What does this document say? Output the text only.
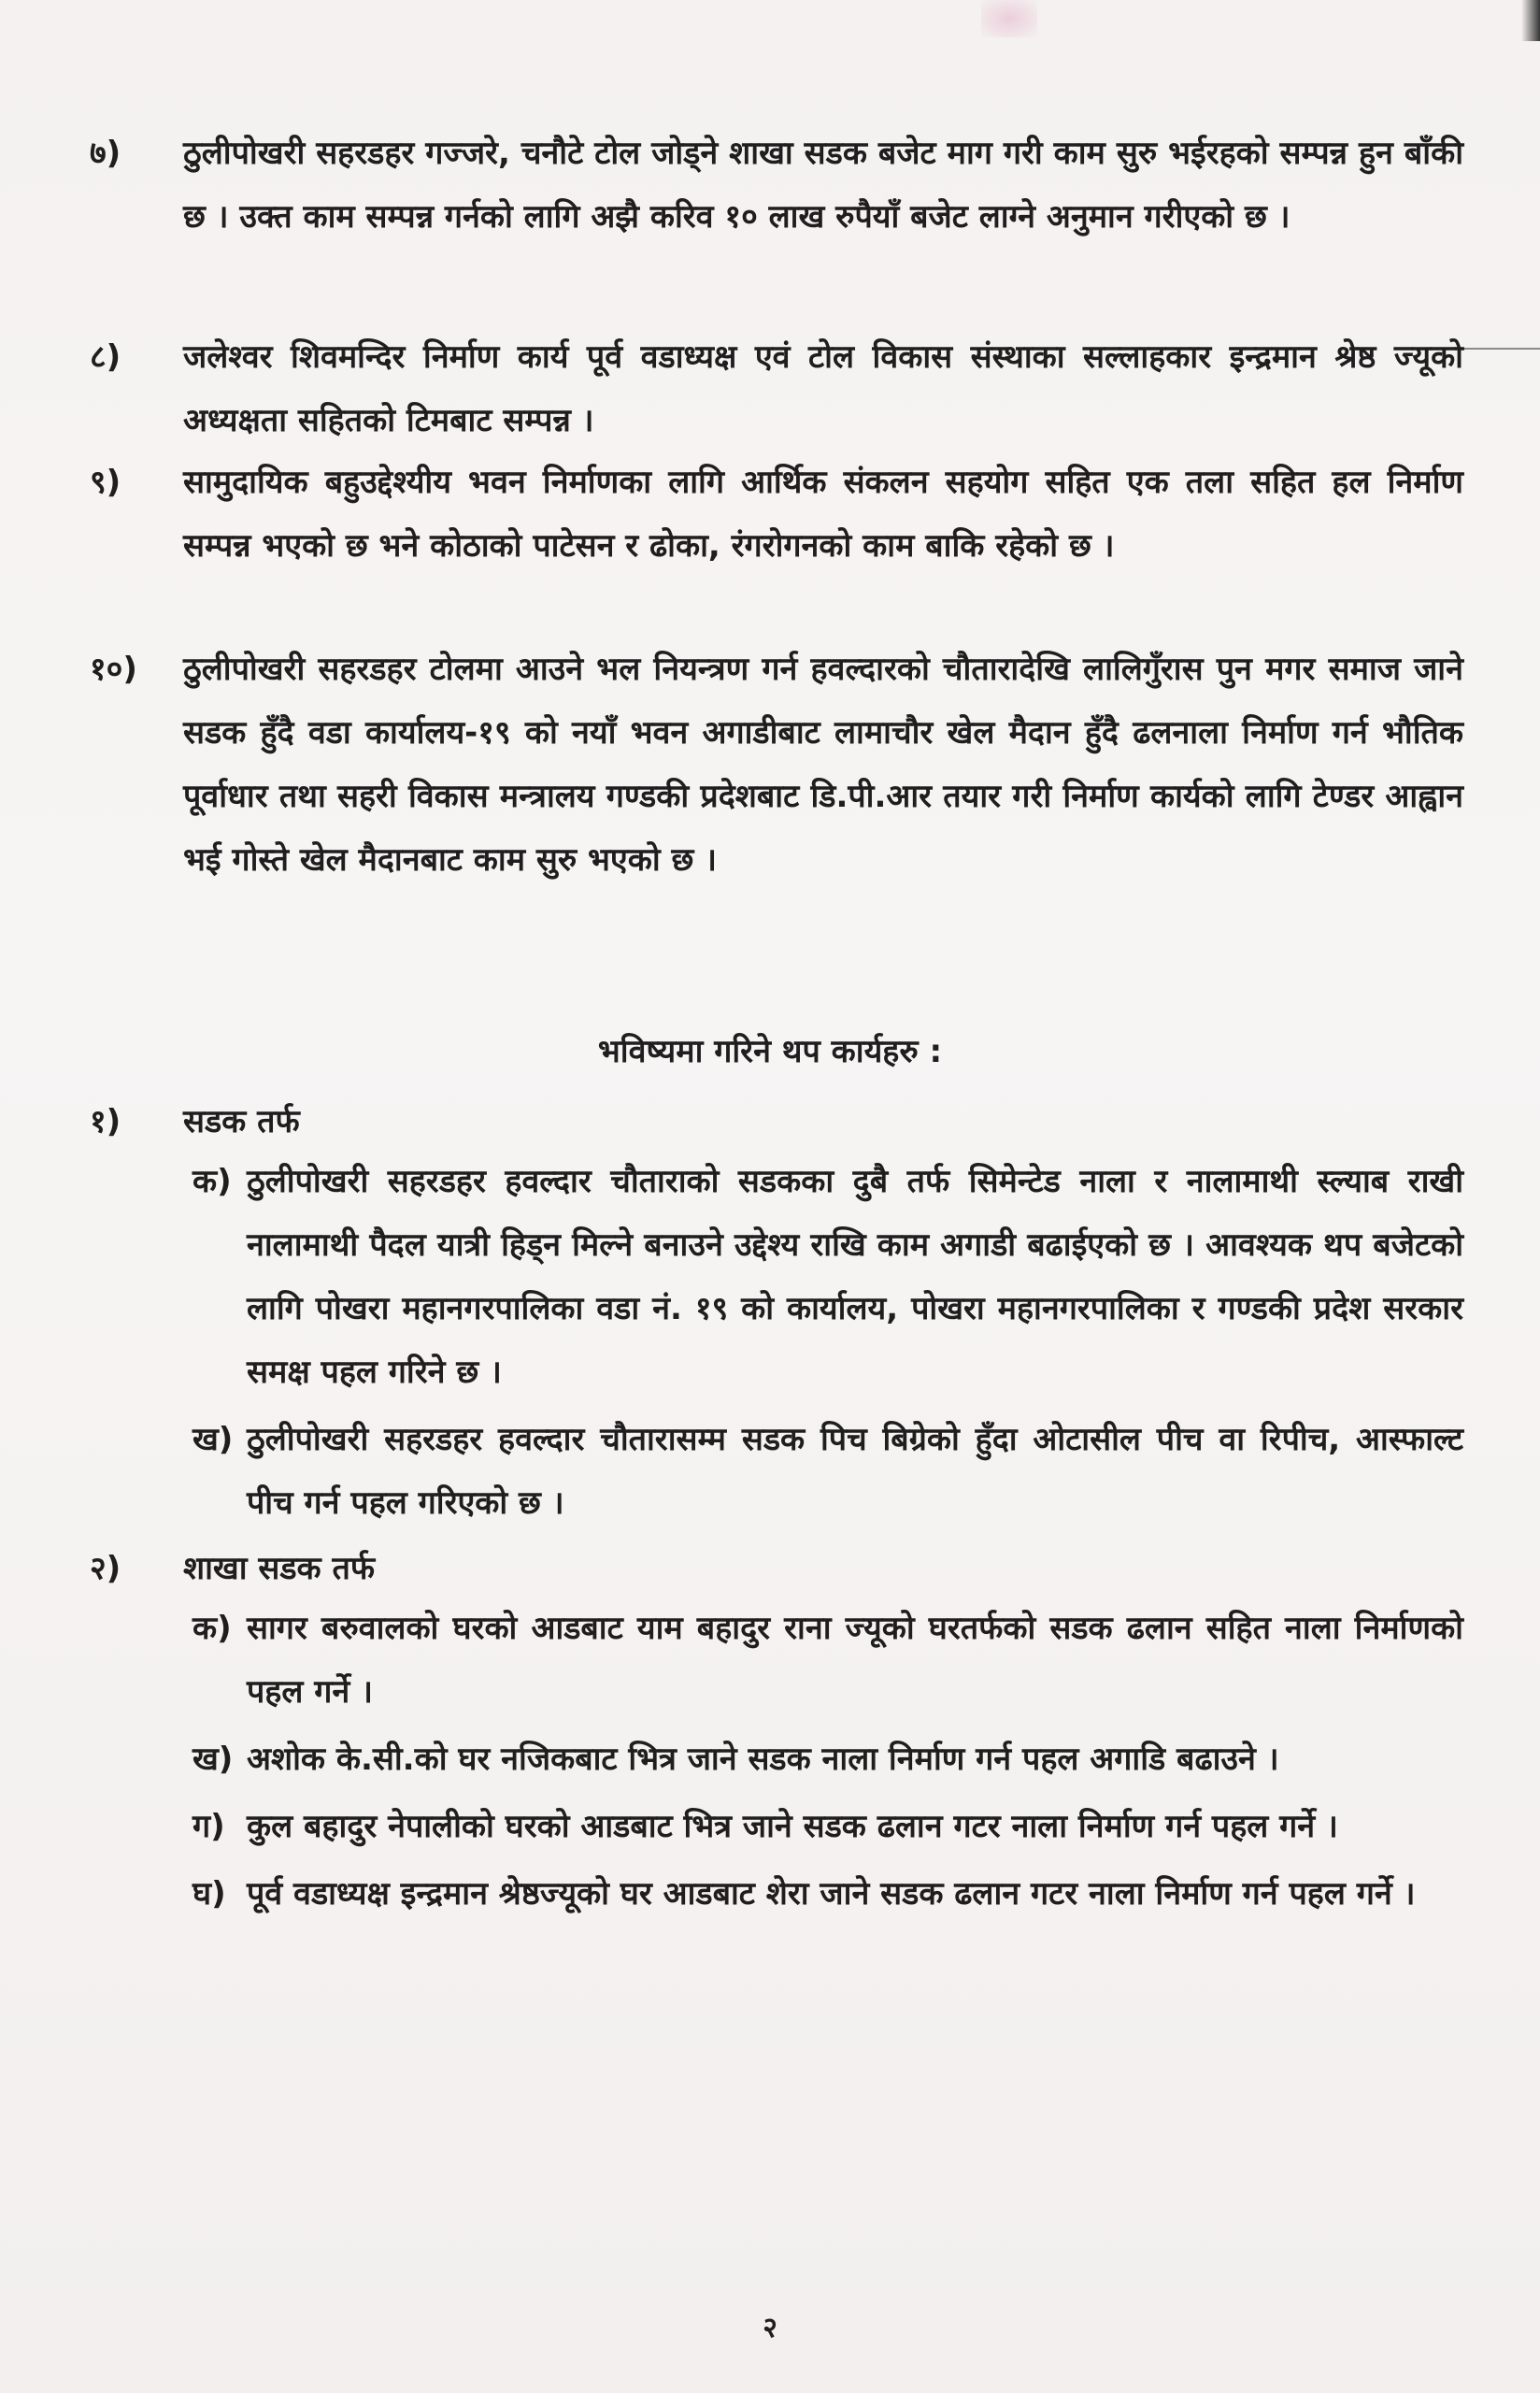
७)	ठुलीपोखरी सहरडहर गज्जरे, चनौटे टोल जोड्ने शाखा सडक बजेट माग गरी काम सुरु भईरहको सम्पन्न हुन बाँकी छ । उक्त काम सम्पन्न गर्नको लागि अझै करिव १० लाख रुपैयाँ बजेट लाग्ने अनुमान गरीएको छ ।
८)	जलेश्वर शिवमन्दिर निर्माण कार्य पूर्व वडाध्यक्ष एवं टोल विकास संस्थाका सल्लाहकार इन्द्रमान श्रेष्ठ ज्यूको अध्यक्षता सहितको टिमबाट सम्पन्न ।
९)	सामुदायिक बहुउद्देश्यीय भवन निर्माणका लागि आर्थिक संकलन सहयोग सहित एक तला सहित हल निर्माण सम्पन्न भएको छ भने कोठाको पाटेसन र ढोका, रंगरोगनको काम बाकि रहेको छ ।
१०)	ठुलीपोखरी सहरडहर टोलमा आउने भल नियन्त्रण गर्न हवल्दारको चौतारादेखि लालिगुँरास पुन मगर समाज जाने सडक हुँदै वडा कार्यालय-१९ को नयाँ भवन अगाडीबाट लामाचौर खेल मैदान हुँदै ढलनाला निर्माण गर्न भौतिक पूर्वाधार तथा सहरी विकास मन्त्रालय गण्डकी प्रदेशबाट डि.पी.आर तयार गरी निर्माण कार्यको लागि टेण्डर आह्वान भई गोस्ते खेल मैदानबाट काम सुरु भएको छ ।
भविष्यमा गरिने थप कार्यहरु :
१)	सडक तर्फ
क) ठुलीपोखरी सहरडहर हवल्दार चौताराको सडकका दुबै तर्फ सिमेन्टेड नाला र नालामाथी स्ल्याब राखी नालामाथी पैदल यात्री हिड्न मिल्ने बनाउने उद्देश्य राखि काम अगाडी बढाईएको छ । आवश्यक थप बजेटको लागि पोखरा महानगरपालिका वडा नं. १९ को कार्यालय, पोखरा महानगरपालिका र गण्डकी प्रदेश सरकार समक्ष पहल गरिने छ ।
ख) ठुलीपोखरी सहरडहर हवल्दार चौतारासम्म सडक पिच बिग्रेको हुँदा ओटासील पीच वा रिपीच, आस्फाल्ट पीच गर्न पहल गरिएको छ ।
२)	शाखा सडक तर्फ
क) सागर बरुवालको घरको आडबाट याम बहादुर राना ज्यूको घरतर्फको सडक ढलान सहित नाला निर्माणको पहल गर्ने ।
ख) अशोक के.सी.को घर नजिकबाट भित्र जाने सडक नाला निर्माण गर्न पहल अगाडि बढाउने ।
ग) कुल बहादुर नेपालीको घरको आडबाट भित्र जाने सडक ढलान गटर नाला निर्माण गर्न पहल गर्ने ।
घ) पूर्व वडाध्यक्ष इन्द्रमान श्रेष्ठज्यूको घर आडबाट शेरा जाने सडक ढलान गटर नाला निर्माण गर्न पहल गर्ने ।
२
